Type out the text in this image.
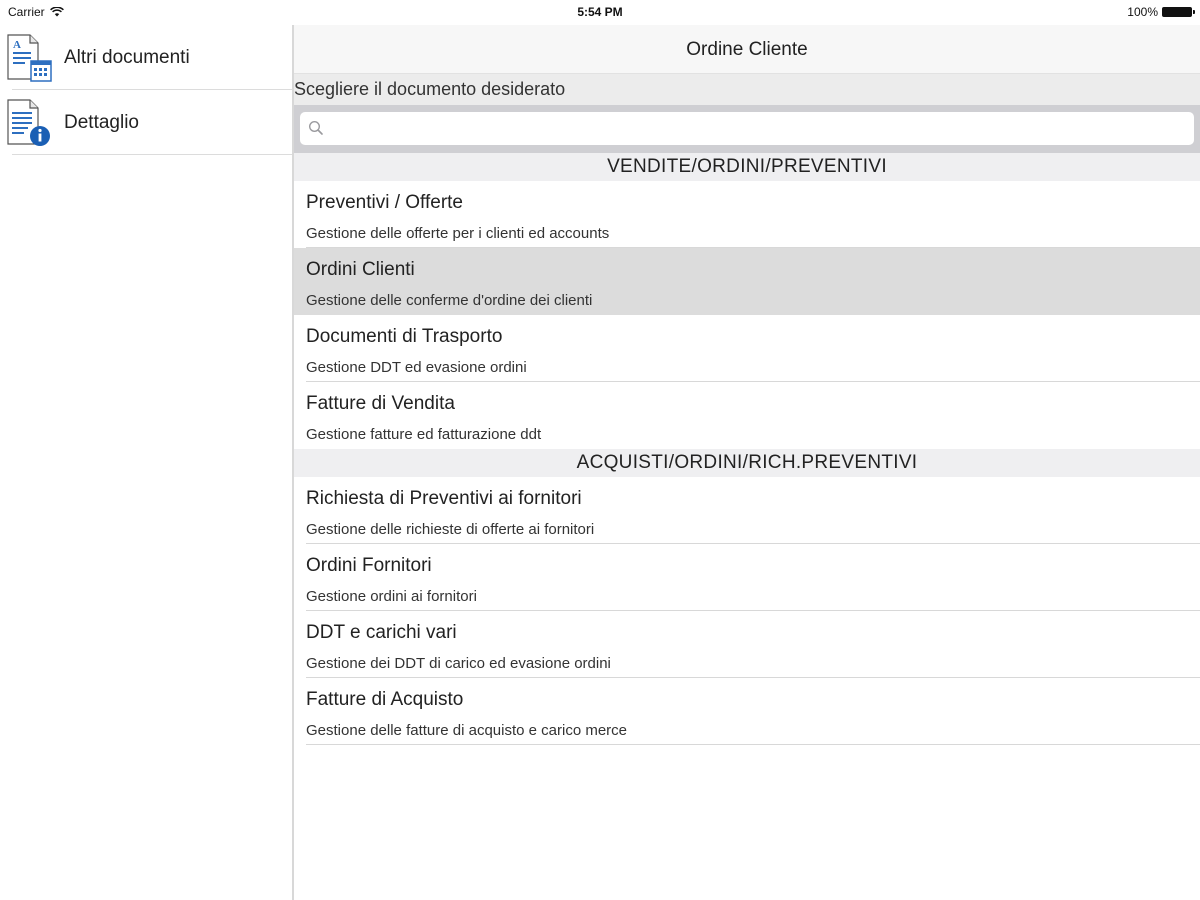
Carrier	5:54 PM	100%
A
Altri documenti
Dettaglio
Ordine Cliente
Scegliere il documento desiderato
VENDITE/ORDINI/PREVENTIVI
Preventivi / Offerte
Gestione delle offerte per i clienti ed accounts
Ordini Clienti
Gestione delle conferme d'ordine dei clienti
Documenti di Trasporto
Gestione DDT ed evasione ordini
Fatture di Vendita
Gestione fatture ed fatturazione ddt
ACQUISTI/ORDINI/RICH.PREVENTIVI
Richiesta di Preventivi ai fornitori
Gestione delle richieste di offerte ai fornitori
Ordini Fornitori
Gestione ordini ai fornitori
DDT e carichi vari
Gestione dei DDT di carico ed evasione ordini
Fatture di Acquisto
Gestione delle fatture di acquisto e carico merce
